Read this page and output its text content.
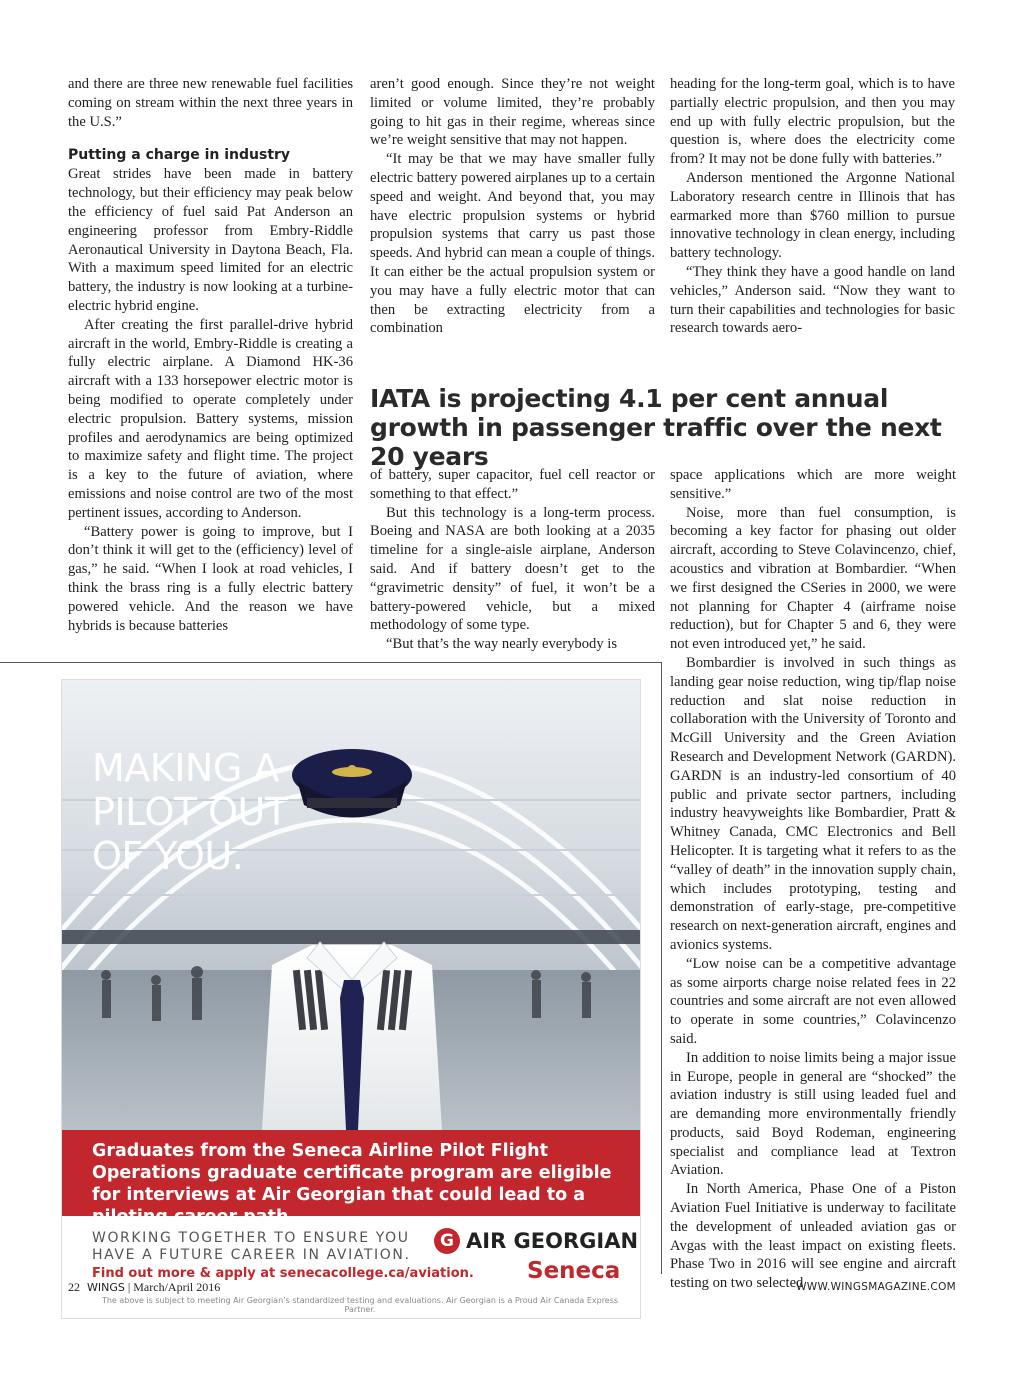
and there are three new renewable fuel facilities coming on stream within the next three years in the U.S.”

Putting a charge in industry

Great strides have been made in battery technology, but their efficiency may peak below the efficiency of fuel said Pat Anderson an engineering professor from Embry-Riddle Aeronautical University in Daytona Beach, Fla. With a maximum speed limited for an electric battery, the industry is now looking at a turbine-electric hybrid engine.

After creating the first parallel-drive hybrid aircraft in the world, Embry-Riddle is creating a fully electric airplane. A Diamond HK-36 aircraft with a 133 horsepower electric motor is being modified to operate completely under electric propulsion. Battery systems, mission profiles and aerodynamics are being optimized to maximize safety and flight time. The project is a key to the future of aviation, where emissions and noise control are two of the most pertinent issues, according to Anderson.

“Battery power is going to improve, but I don’t think it will get to the (efficiency) level of gas,” he said. “When I look at road vehicles, I think the brass ring is a fully electric battery powered vehicle. And the reason we have hybrids is because batteries

aren’t good enough. Since they’re not weight limited or volume limited, they’re probably going to hit gas in their regime, whereas since we’re weight sensitive that may not happen.

“It may be that we may have smaller fully electric battery powered airplanes up to a certain speed and weight. And beyond that, you may have electric propulsion systems or hybrid propulsion systems that carry us past those speeds. And hybrid can mean a couple of things. It can either be the actual propulsion system or you may have a fully electric motor that can then be extracting electricity from a combination

heading for the long-term goal, which is to have partially electric propulsion, and then you may end up with fully electric propulsion, but the question is, where does the electricity come from? It may not be done fully with batteries.”

Anderson mentioned the Argonne National Laboratory research centre in Illinois that has earmarked more than $760 million to pursue innovative technology in clean energy, including battery technology.

“They think they have a good handle on land vehicles,” Anderson said. “Now they want to turn their capabilities and technologies for basic research towards aero-

IATA is projecting 4.1 per cent annual growth in passenger traffic over the next 20 years

of battery, super capacitor, fuel cell reactor or something to that effect.”

But this technology is a long-term process. Boeing and NASA are both looking at a 2035 timeline for a single-aisle airplane, Anderson said. And if battery doesn’t get to the “gravimetric density” of fuel, it won’t be a battery-powered vehicle, but a mixed methodology of some type.

“But that’s the way nearly everybody is

space applications which are more weight sensitive.”

Noise, more than fuel consumption, is becoming a key factor for phasing out older aircraft, according to Steve Colavincenzo, chief, acoustics and vibration at Bombardier. “When we first designed the CSeries in 2000, we were not planning for Chapter 4 (airframe noise reduction), but for Chapter 5 and 6, they were not even introduced yet,” he said.

Bombardier is involved in such things as landing gear noise reduction, wing tip/flap noise reduction and slat noise reduction in collaboration with the University of Toronto and McGill University and the Green Aviation Research and Development Network (GARDN). GARDN is an industry-led consortium of 40 public and private sector partners, including industry heavyweights like Bombardier, Pratt & Whitney Canada, CMC Electronics and Bell Helicopter. It is targeting what it refers to as the “valley of death” in the innovation supply chain, which includes prototyping, testing and demonstration of early-stage, pre-competitive research on next-generation aircraft, engines and avionics systems.

“Low noise can be a competitive advantage as some airports charge noise related fees in 22 countries and some aircraft are not even allowed to operate in some countries,” Colavincenzo said.

In addition to noise limits being a major issue in Europe, people in general are “shocked” the aviation industry is still using leaded fuel and are demanding more environmentally friendly products, said Boyd Rodeman, engineering specialist and compliance lead at Textron Aviation.

In North America, Phase One of a Piston Aviation Fuel Initiative is underway to facilitate the development of unleaded aviation gas or Avgas with the least impact on existing fleets. Phase Two in 2016 will see engine and aircraft testing on two selected

MAKING A
PILOT OUT
OF YOU.
Graduates from the Seneca Airline Pilot Flight Operations graduate certificate program are eligible for interviews at Air Georgian that could lead to a piloting career path.
WORKING TOGETHER TO ENSURE YOU
HAVE A FUTURE CAREER IN AVIATION.
Find out more & apply at senecacollege.ca/aviation.
G AIR GEORGIAN
Seneca
The above is subject to meeting Air Georgian’s standardized testing and evaluations. Air Georgian is a Proud Air Canada Express Partner.
22 WINGS | March/April 2016	WWW.WINGSMAGAZINE.COM
